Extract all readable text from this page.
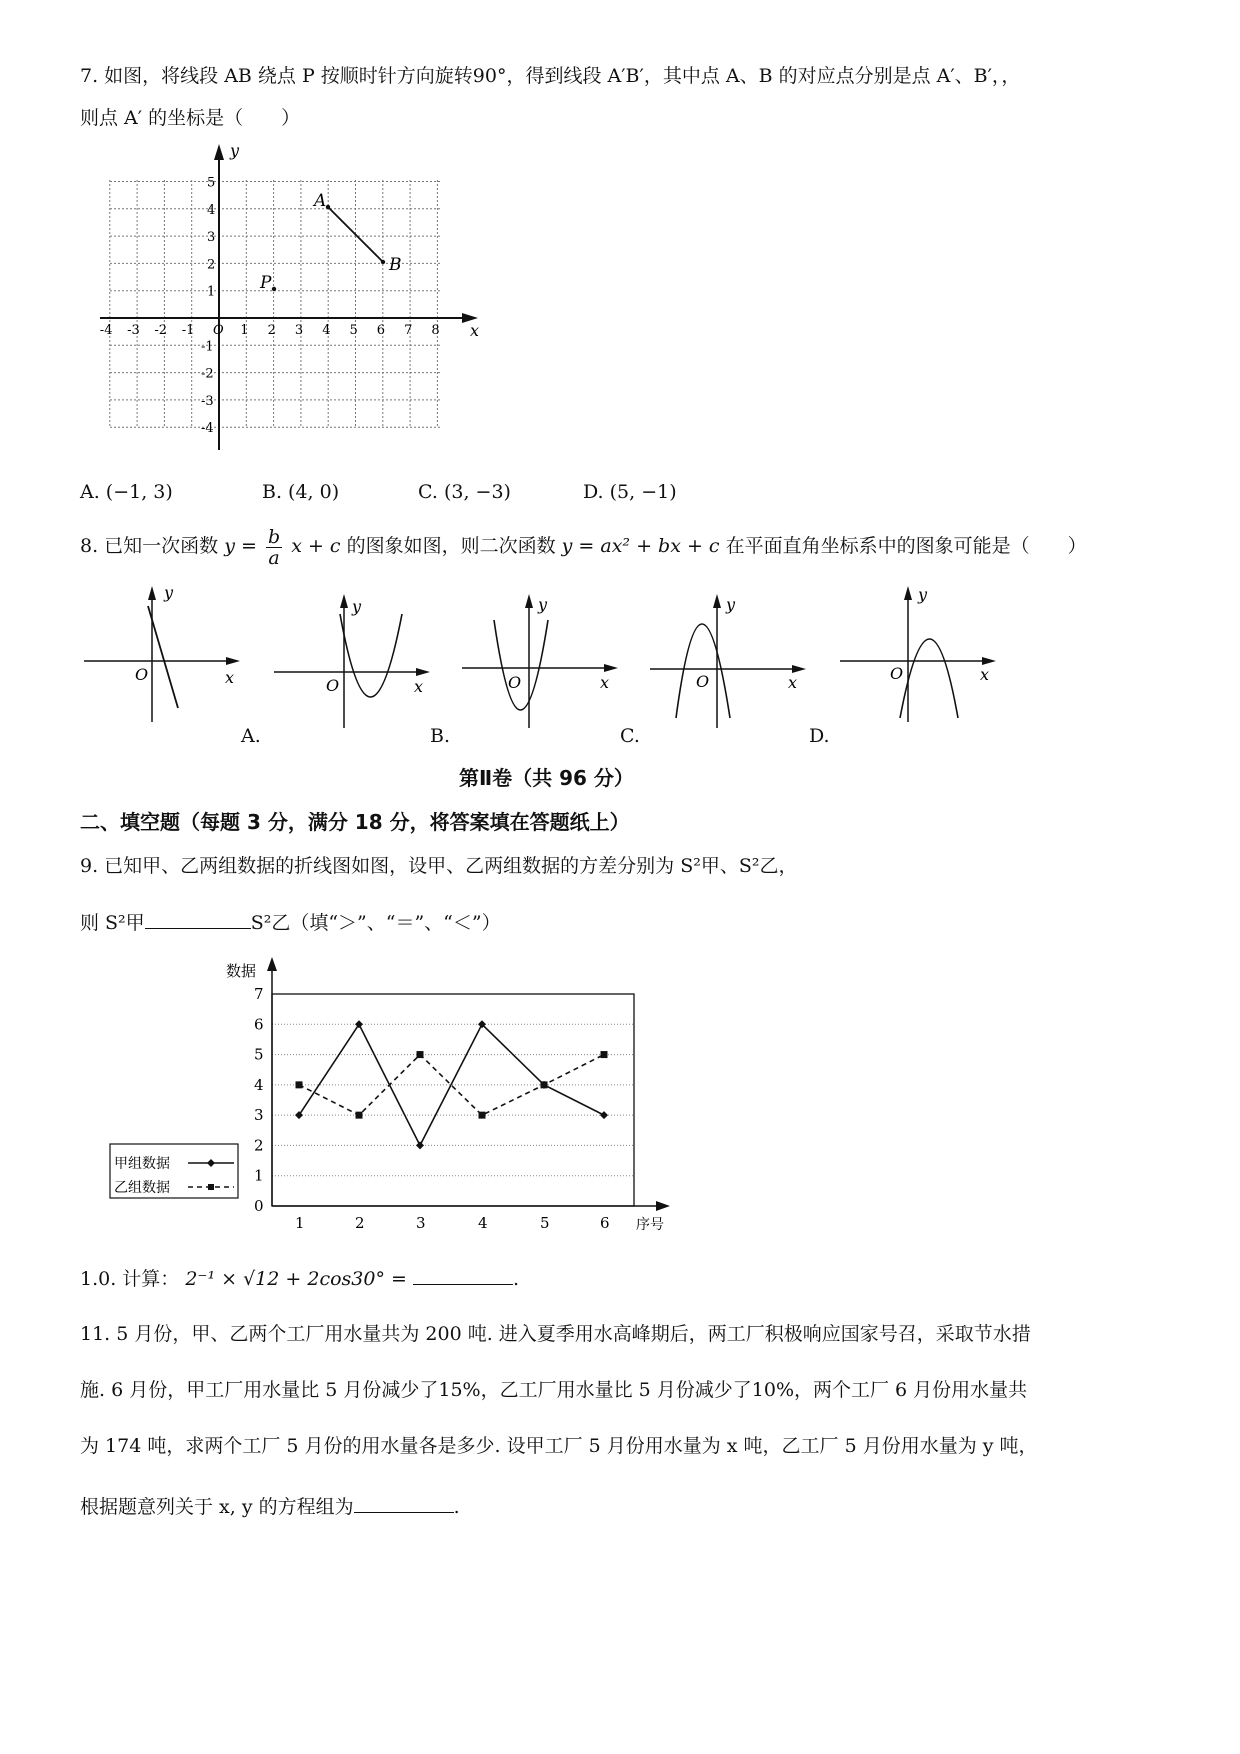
7. 如图，将线段 AB 绕点 P 按顺时针方向旋转90°，得到线段 A′B′，其中点 A、B 的对应点分别是点 A′、B′，，
则点 A′ 的坐标是（　　）
x
y
-4 -3 -2 -1 O 1 2 3 4 5 6 7 8
5
4
3
2
1
-1
-2
-3
-4
A
B
P
A. (−1, 3)	B. (4, 0)	C. (3, −3)	D. (5, −1)
8. 已知一次函数 $y = \frac{b}{a}$ x + c 的图象如图，则二次函数 y = ax² + bx + c 在平面直角坐标系中的图象可能是（　　）
y
x
O
y
x
O
y
x
O
y
x
O
y
x
O
A.	B.	C.	D.
第Ⅱ卷（共 96 分）
二、填空题（每题 3 分，满分 18 分，将答案填在答题纸上）
9. 已知甲、乙两组数据的折线图如图，设甲、乙两组数据的方差分别为 S²甲、S²乙，
则 S²甲	S²乙（填“＞”、“＝”、“＜”）
数据
序号
0
1
2
3
4
5
6
7
1	2	3	4	5	6
甲组数据
乙组数据
1.0. 计算： 2⁻¹ × √12 + 2cos30° =	.
11. 5 月份，甲、乙两个工厂用水量共为 200 吨. 进入夏季用水高峰期后，两工厂积极响应国家号召，采取节水措
施. 6 月份，甲工厂用水量比 5 月份减少了15%，乙工厂用水量比 5 月份减少了10%，两个工厂 6 月份用水量共
为 174 吨，求两个工厂 5 月份的用水量各是多少. 设甲工厂 5 月份用水量为 x 吨，乙工厂 5 月份用水量为 y 吨，
根据题意列关于 x, y 的方程组为	.
